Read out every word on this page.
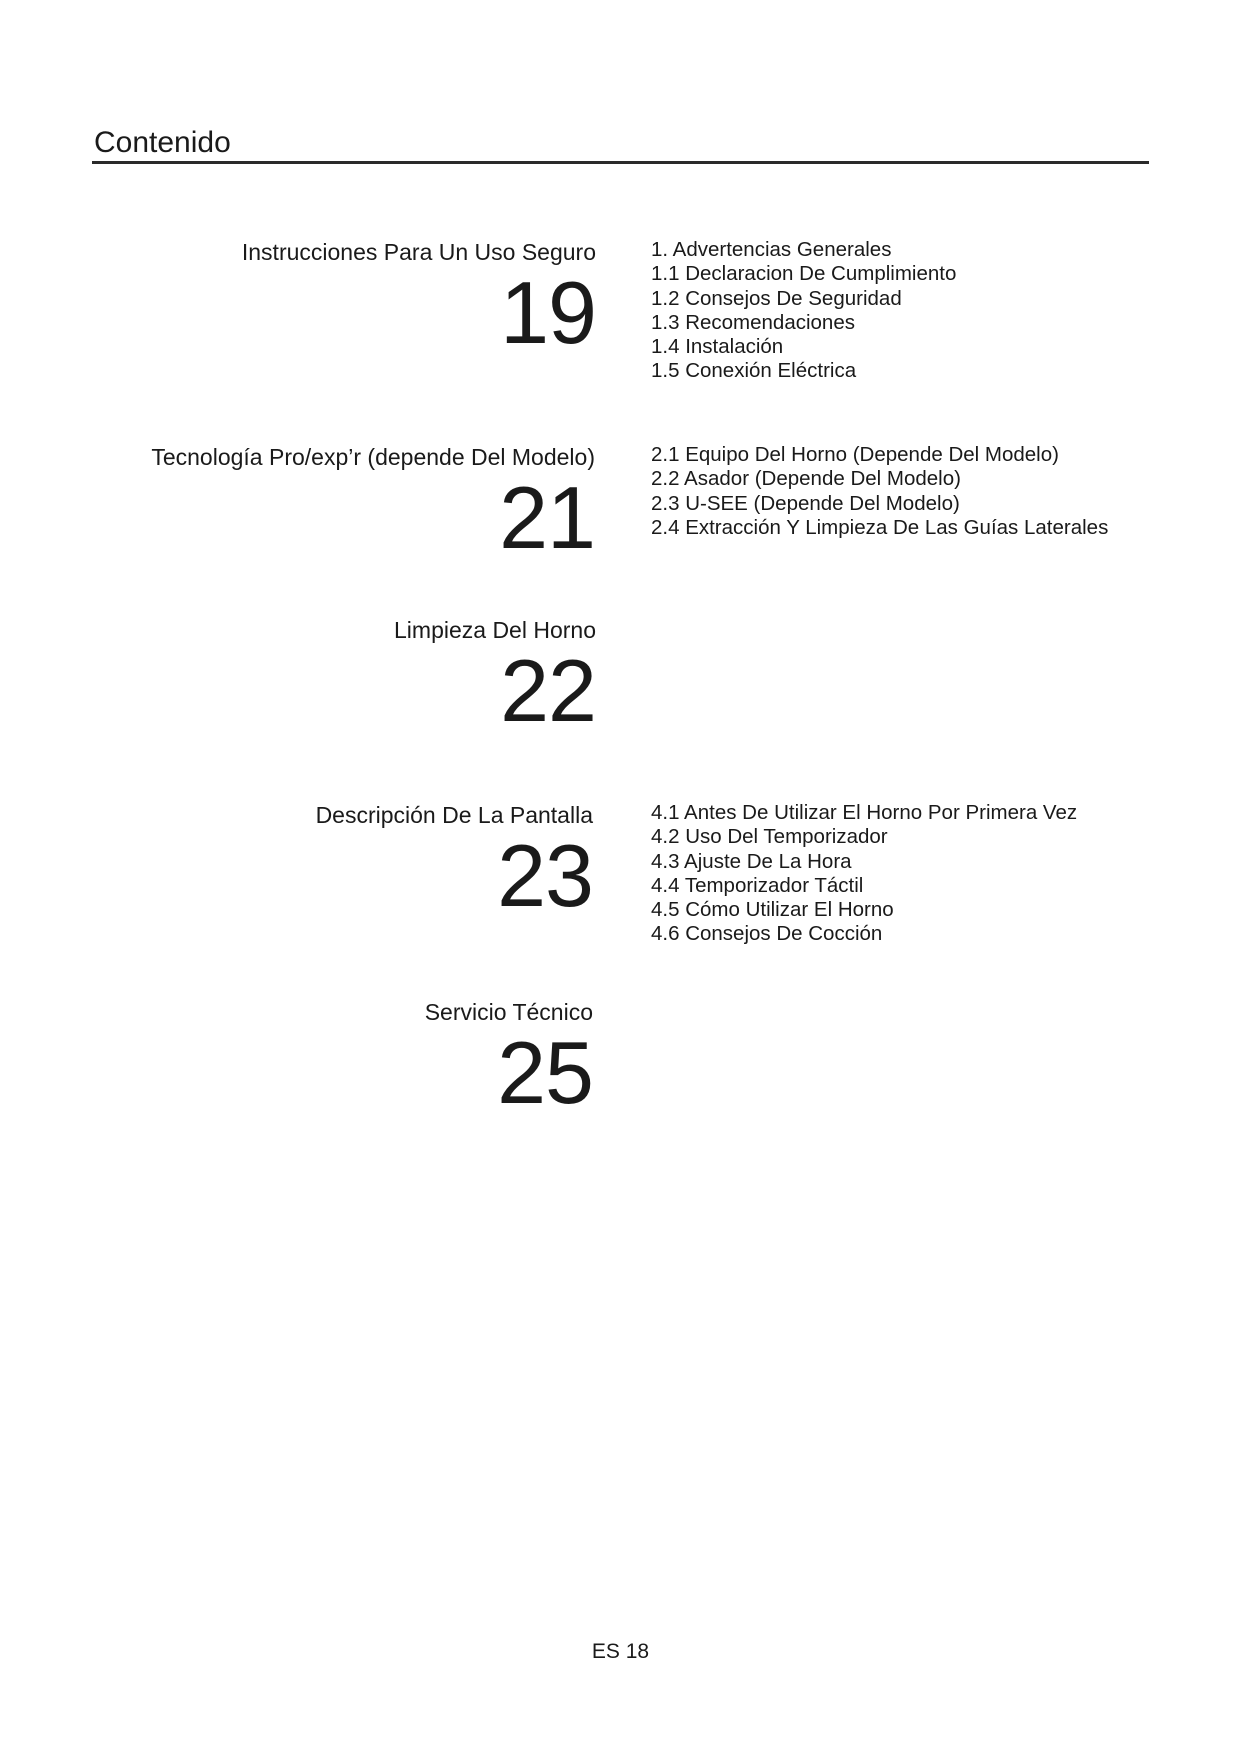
Contenido
Instrucciones Para Un Uso Seguro
19
1. Advertencias Generales
1.1 Declaracion De Cumplimiento
1.2 Consejos De Seguridad
1.3 Recomendaciones
1.4 Instalación
1.5 Conexión Eléctrica
Tecnología Pro/exp’r (depende Del Modelo)
21
2.1 Equipo Del Horno (Depende Del Modelo)
2.2 Asador (Depende Del Modelo)
2.3 U-SEE (Depende Del Modelo)
2.4 Extracción Y Limpieza De Las Guías Laterales
Limpieza Del Horno
22
Descripción De La Pantalla
23
4.1 Antes De Utilizar El Horno Por Primera Vez
4.2 Uso Del Temporizador
4.3 Ajuste De La Hora
4.4 Temporizador Táctil
4.5 Cómo Utilizar El Horno
4.6 Consejos De Cocción
Servicio Técnico
25
ES 18
